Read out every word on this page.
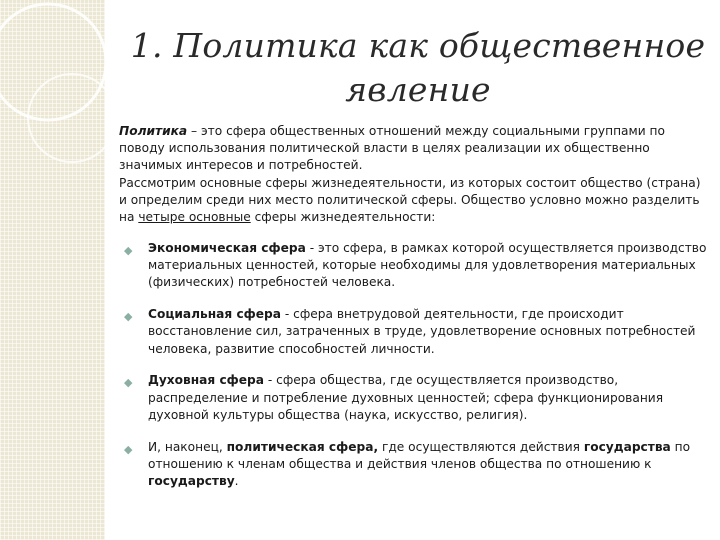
1. Политика как общественное
явление

Политика – это сфера общественных отношений между социальными группами по поводу использования политической власти в целях реализации их общественно значимых интересов и потребностей.

Рассмотрим основные сферы жизнедеятельности, из которых состоит общество (страна) и определим среди них место политической сферы. Общество условно можно разделить на четыре основные сферы жизнедеятельности:

◆ Экономическая сфера - это сфера, в рамках которой осуществляется производство материальных ценностей, которые необходимы для удовлетворения материальных (физических) потребностей человека.
◆ Социальная сфера - сфера внетрудовой деятельности, где происходит восстановление сил, затраченных в труде, удовлетворение основных потребностей человека, развитие способностей личности.
◆ Духовная сфера - сфера общества, где осуществляется производство, распределение и потребление духовных ценностей; сфера функционирования духовной культуры общества (наука, искусство, религия).
◆ И, наконец, политическая сфера, где осуществляются действия государства по отношению к членам общества и действия членов общества по отношению к государству.
